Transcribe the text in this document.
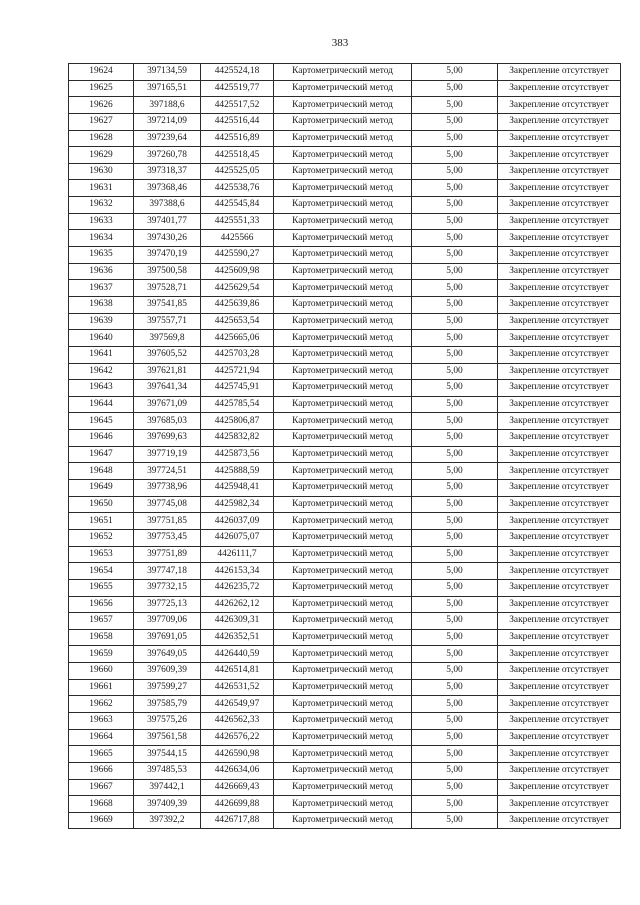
383
19624	397134,59	4425524,18	Картометрический метод	5,00	Закрепление отсутствует
19625	397165,51	4425519,77	Картометрический метод	5,00	Закрепление отсутствует
19626	397188,6	4425517,52	Картометрический метод	5,00	Закрепление отсутствует
19627	397214,09	4425516,44	Картометрический метод	5,00	Закрепление отсутствует
19628	397239,64	4425516,89	Картометрический метод	5,00	Закрепление отсутствует
19629	397260,78	4425518,45	Картометрический метод	5,00	Закрепление отсутствует
19630	397318,37	4425525,05	Картометрический метод	5,00	Закрепление отсутствует
19631	397368,46	4425538,76	Картометрический метод	5,00	Закрепление отсутствует
19632	397388,6	4425545,84	Картометрический метод	5,00	Закрепление отсутствует
19633	397401,77	4425551,33	Картометрический метод	5,00	Закрепление отсутствует
19634	397430,26	4425566	Картометрический метод	5,00	Закрепление отсутствует
19635	397470,19	4425590,27	Картометрический метод	5,00	Закрепление отсутствует
19636	397500,58	4425609,98	Картометрический метод	5,00	Закрепление отсутствует
19637	397528,71	4425629,54	Картометрический метод	5,00	Закрепление отсутствует
19638	397541,85	4425639,86	Картометрический метод	5,00	Закрепление отсутствует
19639	397557,71	4425653,54	Картометрический метод	5,00	Закрепление отсутствует
19640	397569,8	4425665,06	Картометрический метод	5,00	Закрепление отсутствует
19641	397605,52	4425703,28	Картометрический метод	5,00	Закрепление отсутствует
19642	397621,81	4425721,94	Картометрический метод	5,00	Закрепление отсутствует
19643	397641,34	4425745,91	Картометрический метод	5,00	Закрепление отсутствует
19644	397671,09	4425785,54	Картометрический метод	5,00	Закрепление отсутствует
19645	397685,03	4425806,87	Картометрический метод	5,00	Закрепление отсутствует
19646	397699,63	4425832,82	Картометрический метод	5,00	Закрепление отсутствует
19647	397719,19	4425873,56	Картометрический метод	5,00	Закрепление отсутствует
19648	397724,51	4425888,59	Картометрический метод	5,00	Закрепление отсутствует
19649	397738,96	4425948,41	Картометрический метод	5,00	Закрепление отсутствует
19650	397745,08	4425982,34	Картометрический метод	5,00	Закрепление отсутствует
19651	397751,85	4426037,09	Картометрический метод	5,00	Закрепление отсутствует
19652	397753,45	4426075,07	Картометрический метод	5,00	Закрепление отсутствует
19653	397751,89	4426111,7	Картометрический метод	5,00	Закрепление отсутствует
19654	397747,18	4426153,34	Картометрический метод	5,00	Закрепление отсутствует
19655	397732,15	4426235,72	Картометрический метод	5,00	Закрепление отсутствует
19656	397725,13	4426262,12	Картометрический метод	5,00	Закрепление отсутствует
19657	397709,06	4426309,31	Картометрический метод	5,00	Закрепление отсутствует
19658	397691,05	4426352,51	Картометрический метод	5,00	Закрепление отсутствует
19659	397649,05	4426440,59	Картометрический метод	5,00	Закрепление отсутствует
19660	397609,39	4426514,81	Картометрический метод	5,00	Закрепление отсутствует
19661	397599,27	4426531,52	Картометрический метод	5,00	Закрепление отсутствует
19662	397585,79	4426549,97	Картометрический метод	5,00	Закрепление отсутствует
19663	397575,26	4426562,33	Картометрический метод	5,00	Закрепление отсутствует
19664	397561,58	4426576,22	Картометрический метод	5,00	Закрепление отсутствует
19665	397544,15	4426590,98	Картометрический метод	5,00	Закрепление отсутствует
19666	397485,53	4426634,06	Картометрический метод	5,00	Закрепление отсутствует
19667	397442,1	4426669,43	Картометрический метод	5,00	Закрепление отсутствует
19668	397409,39	4426699,88	Картометрический метод	5,00	Закрепление отсутствует
19669	397392,2	4426717,88	Картометрический метод	5,00	Закрепление отсутствует
